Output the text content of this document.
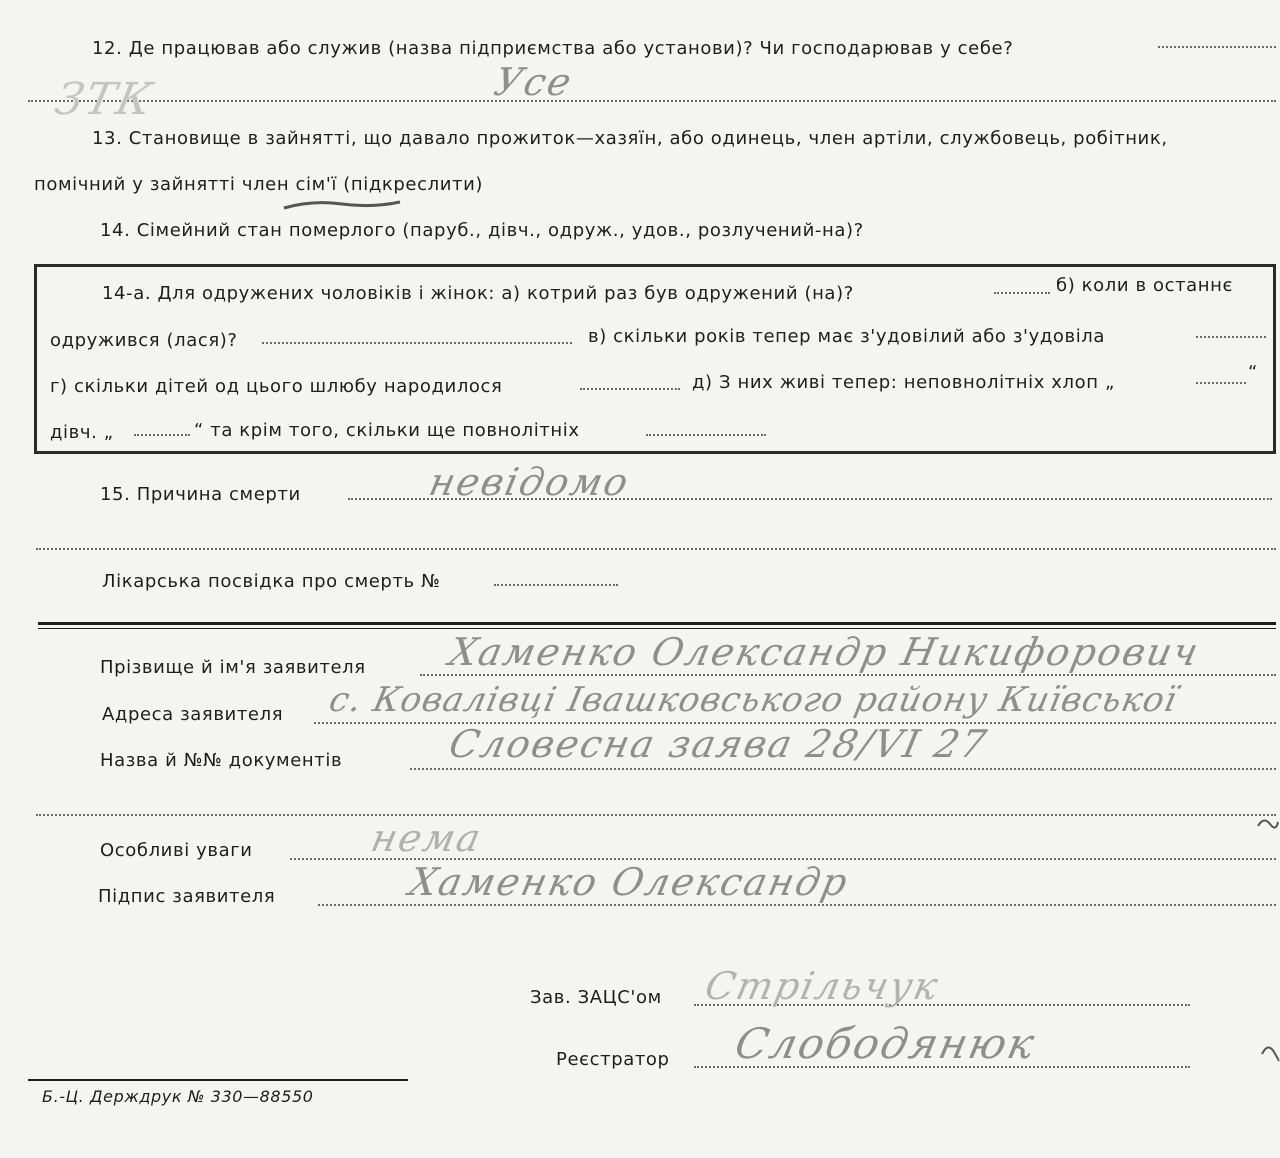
12. Де працював або служив (назва підприємства або установи)? Чи господарював у себе?
Усе
ЗТК
13. Становище в зайнятті, що давало прожиток—хазяїн, або одинець, член артіли, службовець, робітник,
помічний у зайнятті член сім'ї (підкреслити)
14. Сімейний стан померлого (паруб., дівч., одруж., удов., розлучений-на)?
14-а. Для одружених чоловіків і жінок: а) котрий раз був одружений (на)?	б) коли в останнє
одружився (лася)?	в) скільки років тепер має з'удовілий або з'удовіла
г) скільки дітей од цього шлюбу народилося	д) З них живі тепер: неповнолітніх хлоп „	“
дівч. „	“ та крім того, скільки ще повнолітніх
15. Причина смерти	невідомо
Лікарська посвідка про смерть №
Прізвище й ім'я заявителя Хаменко Олександр Никифорович
Адреса заявителя с. Ковалівці Івашковського району Київської
Назва й №№ документів	Словесна заява 28/VI 27
Особливі уваги	нема
Підпис заявителя	Хаменко Олександр
Зав. ЗАЦС'ом Стрільчук
Реєстратор Слободянюк
Б.-Ц. Держдрук № 330—88550
